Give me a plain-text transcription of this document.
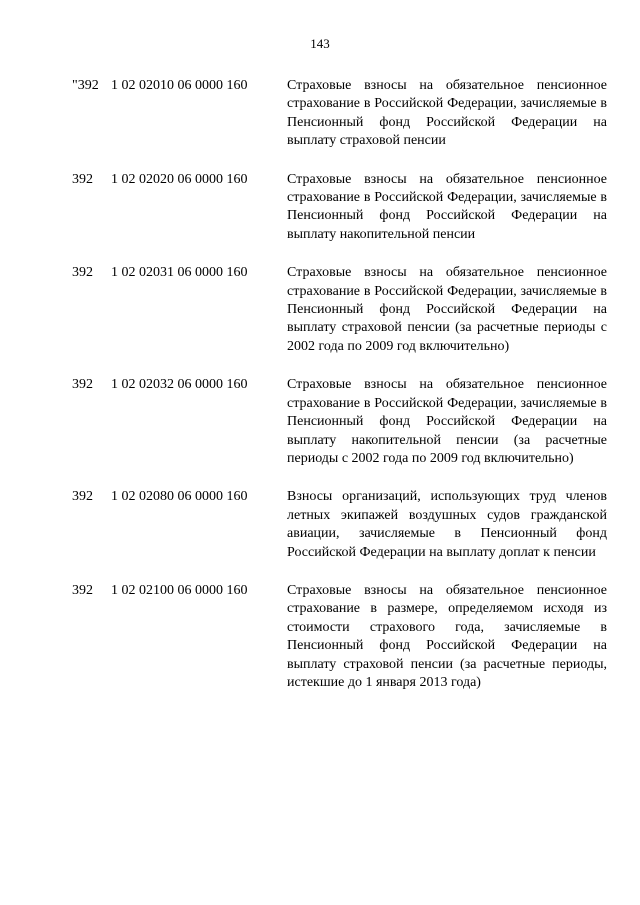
143
"392 1 02 02010 06 0000 160	Страховые взносы на обязательное пенсионное страхование в Российской Федерации, зачисляемые в Пенсионный фонд Российской Федерации на выплату страховой пенсии
392 1 02 02020 06 0000 160	Страховые взносы на обязательное пенсионное страхование в Российской Федерации, зачисляемые в Пенсионный фонд Российской Федерации на выплату накопительной пенсии
392 1 02 02031 06 0000 160	Страховые взносы на обязательное пенсионное страхование в Российской Федерации, зачисляемые в Пенсионный фонд Российской Федерации на выплату страховой пенсии (за расчетные периоды с 2002 года по 2009 год включительно)
392 1 02 02032 06 0000 160	Страховые взносы на обязательное пенсионное страхование в Российской Федерации, зачисляемые в Пенсионный фонд Российской Федерации на выплату накопительной пенсии (за расчетные периоды с 2002 года по 2009 год включительно)
392 1 02 02080 06 0000 160	Взносы организаций, использующих труд членов летных экипажей воздушных судов гражданской авиации, зачисляемые в Пенсионный фонд Российской Федерации на выплату доплат к пенсии
392 1 02 02100 06 0000 160	Страховые взносы на обязательное пенсионное страхование в размере, определяемом исходя из стоимости страхового года, зачисляемые в Пенсионный фонд Российской Федерации на выплату страховой пенсии (за расчетные периоды, истекшие до 1 января 2013 года)
